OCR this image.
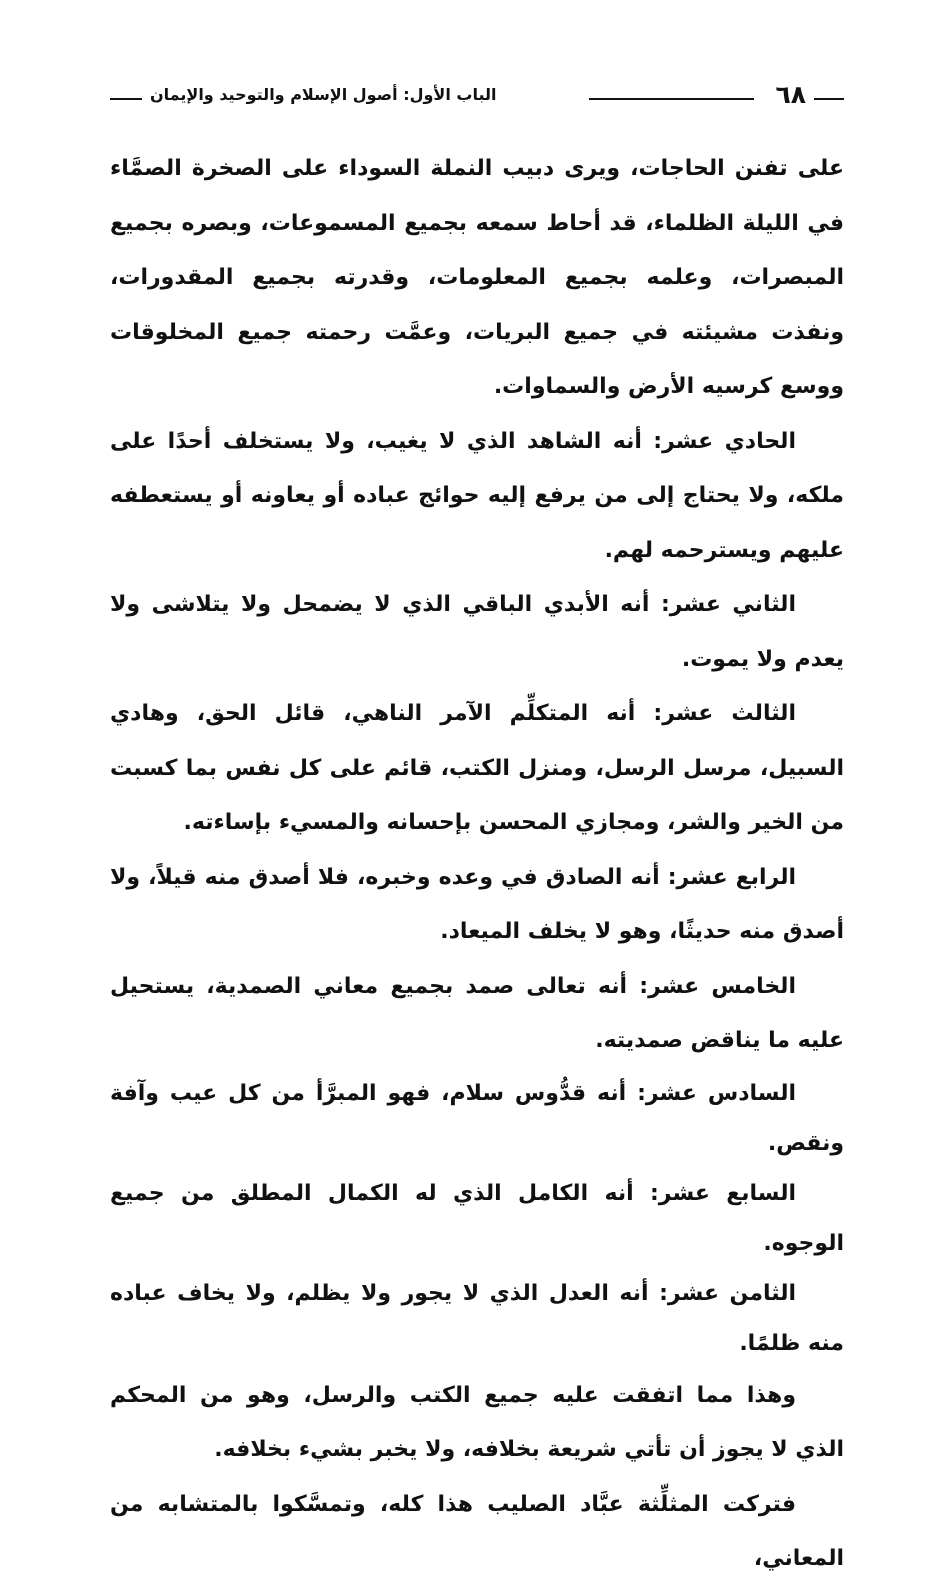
٦٨
الباب الأول: أصول الإسلام والتوحيد والإيمان

على تفنن الحاجات، ويرى دبيب النملة السوداء على الصخرة الصمَّاء في الليلة الظلماء، قد أحاط سمعه بجميع المسموعات، وبصره بجميع المبصرات، وعلمه بجميع المعلومات، وقدرته بجميع المقدورات، ونفذت مشيئته في جميع البريات، وعمَّت رحمته جميع المخلوقات ووسع كرسيه الأرض والسماوات.

الحادي عشر: أنه الشاهد الذي لا يغيب، ولا يستخلف أحدًا على ملكه، ولا يحتاج إلى من يرفع إليه حوائج عباده أو يعاونه أو يستعطفه عليهم ويسترحمه لهم.

الثاني عشر: أنه الأبدي الباقي الذي لا يضمحل ولا يتلاشى ولا يعدم ولا يموت.

الثالث عشر: أنه المتكلِّم الآمر الناهي، قائل الحق، وهادي السبيل، مرسل الرسل، ومنزل الكتب، قائم على كل نفس بما كسبت من الخير والشر، ومجازي المحسن بإحسانه والمسيء بإساءته.

الرابع عشر: أنه الصادق في وعده وخبره، فلا أصدق منه قيلاً، ولا أصدق منه حديثًا، وهو لا يخلف الميعاد.

الخامس عشر: أنه تعالى صمد بجميع معاني الصمدية، يستحيل عليه ما يناقض صمديته.

السادس عشر: أنه قدُّوس سلام، فهو المبرَّأ من كل عيب وآفة ونقص.

السابع عشر: أنه الكامل الذي له الكمال المطلق من جميع الوجوه.

الثامن عشر: أنه العدل الذي لا يجور ولا يظلم، ولا يخاف عباده منه ظلمًا.

وهذا مما اتفقت عليه جميع الكتب والرسل، وهو من المحكم الذي لا يجوز أن تأتي شريعة بخلافه، ولا يخبر بشيء بخلافه.

فتركت المثلِّثة عبَّاد الصليب هذا كله، وتمسَّكوا بالمتشابه من المعاني،
